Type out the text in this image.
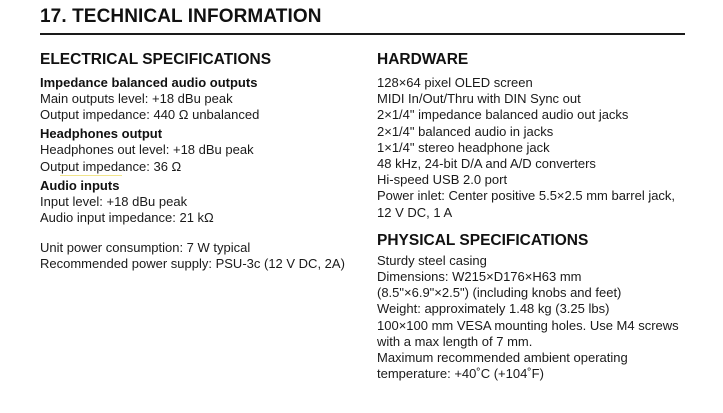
17. TECHNICAL INFORMATION
ELECTRICAL SPECIFICATIONS

Impedance balanced audio outputs

Main outputs level: +18 dBu peak

Output impedance: 440 Ω unbalanced

Headphones output

Headphones out level: +18 dBu peak

Output impedance: 36 Ω

Audio inputs

Input level: +18 dBu peak

Audio input impedance: 21 kΩ

Unit power consumption: 7 W typical

Recommended power supply: PSU-3c (12 V DC, 2A)

HARDWARE

128×64 pixel OLED screen

MIDI In/Out/Thru with DIN Sync out

2×1/4" impedance balanced audio out jacks

2×1/4" balanced audio in jacks

1×1/4" stereo headphone jack

48 kHz, 24-bit D/A and A/D converters

Hi-speed USB 2.0 port

Power inlet: Center positive 5.5×2.5 mm barrel jack,

12 V DC, 1 A

PHYSICAL SPECIFICATIONS

Sturdy steel casing

Dimensions: W215×D176×H63 mm

(8.5"×6.9"×2.5") (including knobs and feet)

Weight: approximately 1.48 kg (3.25 lbs)

100×100 mm VESA mounting holes. Use M4 screws

with a max length of 7 mm.

Maximum recommended ambient operating

temperature: +40˚C (+104˚F)
